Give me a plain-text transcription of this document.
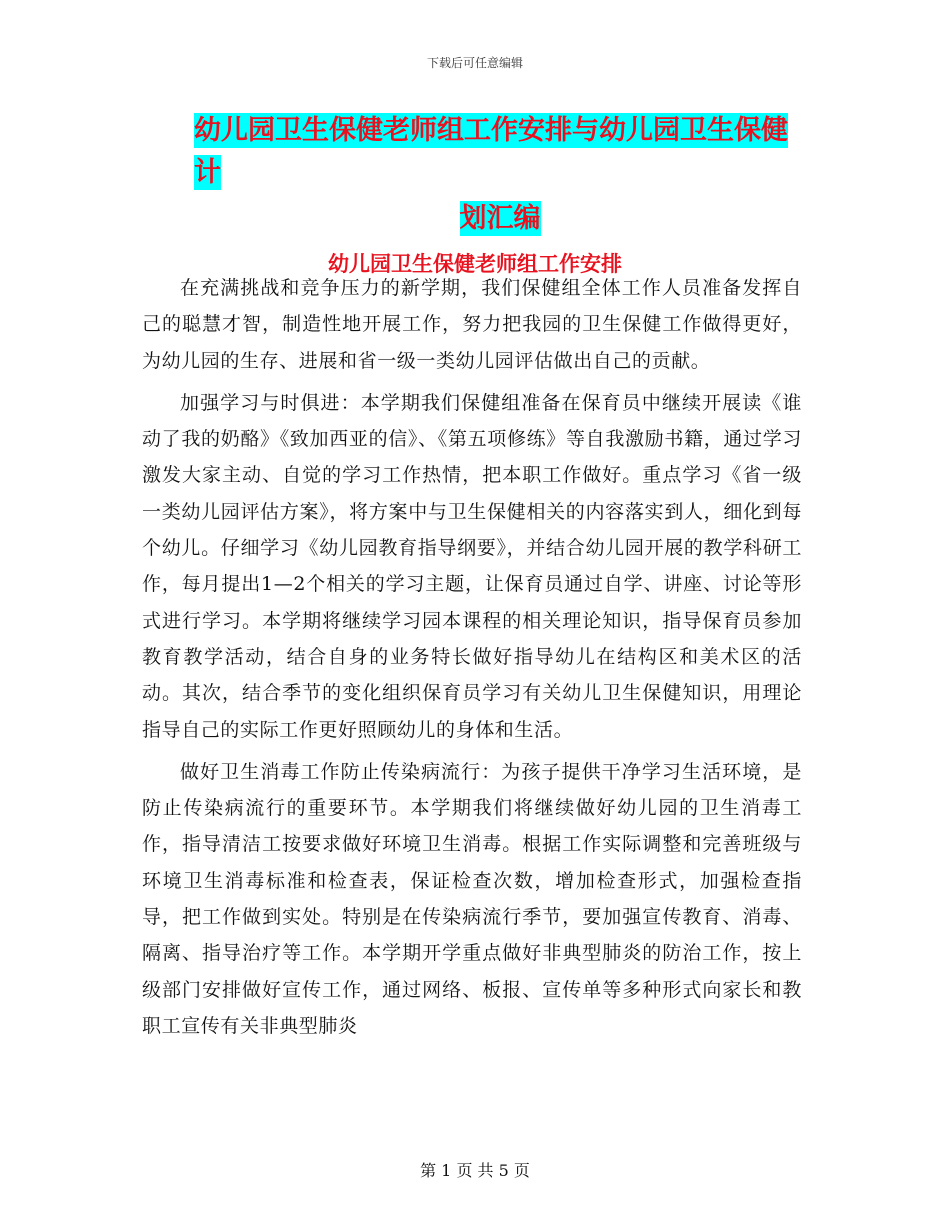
下载后可任意编辑
幼儿园卫生保健老师组工作安排与幼儿园卫生保健计
划汇编
幼儿园卫生保健老师组工作安排

在充满挑战和竞争压力的新学期，我们保健组全体工作人员准备发挥自己的聪慧才智，制造性地开展工作，努力把我园的卫生保健工作做得更好，为幼儿园的生存、进展和省一级一类幼儿园评估做出自己的贡献。

加强学习与时俱进：本学期我们保健组准备在保育员中继续开展读《谁动了我的奶酪》《致加西亚的信》、《第五项修练》等自我激励书籍，通过学习激发大家主动、自觉的学习工作热情，把本职工作做好。重点学习《省一级一类幼儿园评估方案》，将方案中与卫生保健相关的内容落实到人，细化到每个幼儿。仔细学习《幼儿园教育指导纲要》，并结合幼儿园开展的教学科研工作，每月提出1—2个相关的学习主题，让保育员通过自学、讲座、讨论等形式进行学习。本学期将继续学习园本课程的相关理论知识，指导保育员参加教育教学活动，结合自身的业务特长做好指导幼儿在结构区和美术区的活动。其次，结合季节的变化组织保育员学习有关幼儿卫生保健知识，用理论指导自己的实际工作更好照顾幼儿的身体和生活。

做好卫生消毒工作防止传染病流行：为孩子提供干净学习生活环境，是防止传染病流行的重要环节。本学期我们将继续做好幼儿园的卫生消毒工作，指导清洁工按要求做好环境卫生消毒。根据工作实际调整和完善班级与环境卫生消毒标准和检查表，保证检查次数，增加检查形式，加强检查指导，把工作做到实处。特别是在传染病流行季节，要加强宣传教育、消毒、隔离、指导治疗等工作。本学期开学重点做好非典型肺炎的防治工作，按上级部门安排做好宣传工作，通过网络、板报、宣传单等多种形式向家长和教职工宣传有关非典型肺炎

第 1 页 共 5 页
